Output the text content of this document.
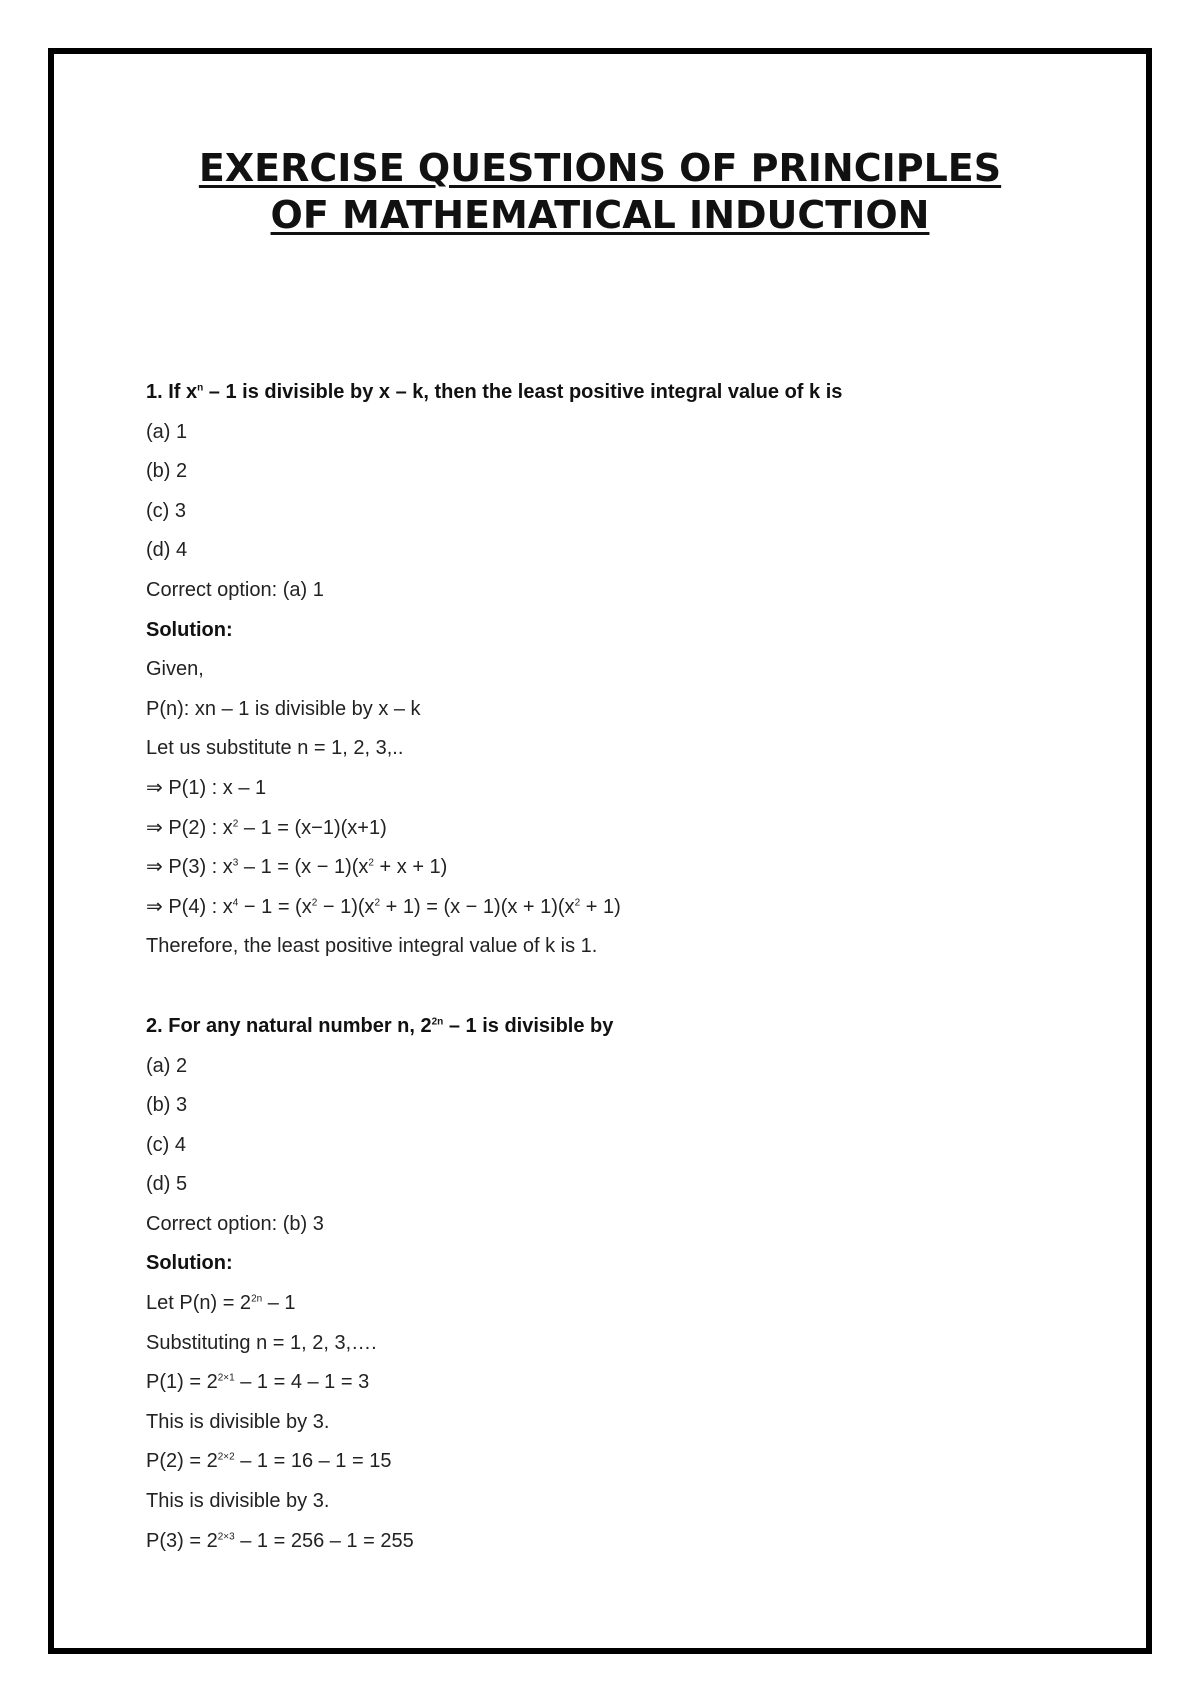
EXERCISE QUESTIONS OF PRINCIPLES
OF MATHEMATICAL INDUCTION
1. If $x^n - 1$ is divisible by x – k, then the least positive integral value of k is
(a) 1
(b) 2
(c) 3
(d) 4
Correct option: (a) 1
Solution:
Given,
P(n): xn – 1 is divisible by x – k
Let us substitute n = 1, 2, 3,..
⇒ P(1) : x – 1
⇒ P(2) : $x^2 - 1 = (x-1)(x+1)$
⇒ P(3) : $x^3 - 1 = (x - 1)(x^2 + x + 1)$
⇒ P(4) : $x^4 - 1 = (x^2 - 1)(x^2 + 1) = (x - 1)(x + 1)(x^2 + 1)$
Therefore, the least positive integral value of k is 1.
2. For any natural number n, $2^{2n} - 1$ is divisible by
(a) 2
(b) 3
(c) 4
(d) 5
Correct option: (b) 3
Solution:
Let $P(n) = 2^{2n} - 1$
Substituting n = 1, 2, 3,….
$P(1) = 2^{2\times 1} - 1 = 4 - 1 = 3$
This is divisible by 3.
$P(2) = 2^{2\times 2} - 1 = 16 - 1 = 15$
This is divisible by 3.
$P(3) = 2^{2\times 3} - 1 = 256 - 1 = 255$
